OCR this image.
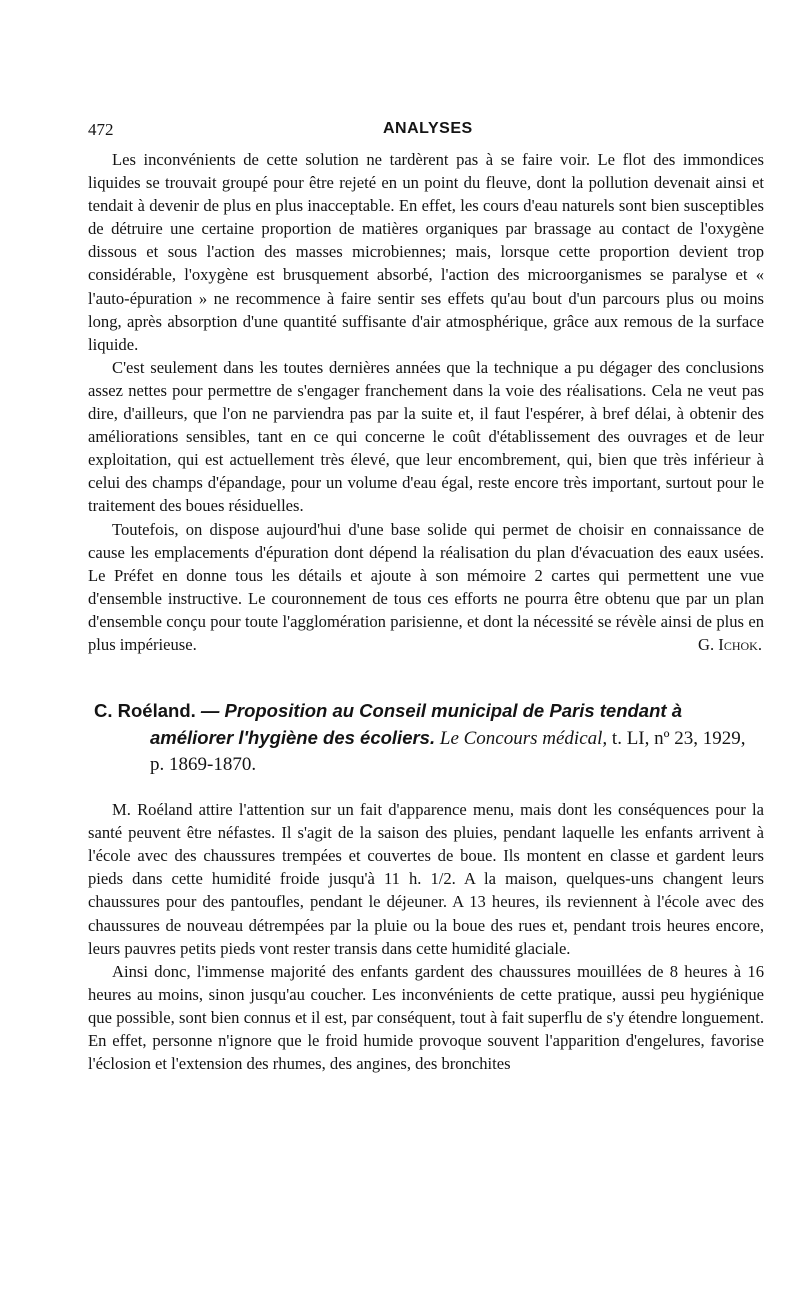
472	ANALYSES

Les inconvénients de cette solution ne tardèrent pas à se faire voir. Le flot des immondices liquides se trouvait groupé pour être rejeté en un point du fleuve, dont la pollution devenait ainsi et tendait à devenir de plus en plus inacceptable. En effet, les cours d'eau naturels sont bien susceptibles de détruire une certaine proportion de matières organiques par brassage au contact de l'oxygène dissous et sous l'action des masses microbiennes; mais, lorsque cette proportion devient trop considérable, l'oxygène est brusquement absorbé, l'action des microorganismes se paralyse et « l'auto-épuration » ne recommence à faire sentir ses effets qu'au bout d'un parcours plus ou moins long, après absorption d'une quantité suffisante d'air atmosphérique, grâce aux remous de la surface liquide.

C'est seulement dans les toutes dernières années que la technique a pu dégager des conclusions assez nettes pour permettre de s'engager franchement dans la voie des réalisations. Cela ne veut pas dire, d'ailleurs, que l'on ne parviendra pas par la suite et, il faut l'espérer, à bref délai, à obtenir des améliorations sensibles, tant en ce qui concerne le coût d'établissement des ouvrages et de leur exploitation, qui est actuellement très élevé, que leur encombrement, qui, bien que très inférieur à celui des champs d'épandage, pour un volume d'eau égal, reste encore très important, surtout pour le traitement des boues résiduelles.

Toutefois, on dispose aujourd'hui d'une base solide qui permet de choisir en connaissance de cause les emplacements d'épuration dont dépend la réalisation du plan d'évacuation des eaux usées. Le Préfet en donne tous les détails et ajoute à son mémoire 2 cartes qui permettent une vue d'ensemble instructive. Le couronnement de tous ces efforts ne pourra être obtenu que par un plan d'ensemble conçu pour toute l'agglomération parisienne, et dont la nécessité se révèle ainsi de plus en plus impérieuse.	G. Ichok.

C. Roéland. — Proposition au Conseil municipal de Paris tendant à améliorer l'hygiène des écoliers. Le Concours médical, t. LI, nº 23, 1929, p. 1869-1870.

M. Roéland attire l'attention sur un fait d'apparence menu, mais dont les conséquences pour la santé peuvent être néfastes. Il s'agit de la saison des pluies, pendant laquelle les enfants arrivent à l'école avec des chaussures trempées et couvertes de boue. Ils montent en classe et gardent leurs pieds dans cette humidité froide jusqu'à 11 h. 1/2. A la maison, quelques-uns changent leurs chaussures pour des pantoufles, pendant le déjeuner. A 13 heures, ils reviennent à l'école avec des chaussures de nouveau détrempées par la pluie ou la boue des rues et, pendant trois heures encore, leurs pauvres petits pieds vont rester transis dans cette humidité glaciale.

Ainsi donc, l'immense majorité des enfants gardent des chaussures mouillées de 8 heures à 16 heures au moins, sinon jusqu'au coucher. Les inconvénients de cette pratique, aussi peu hygiénique que possible, sont bien connus et il est, par conséquent, tout à fait superflu de s'y étendre longuement. En effet, personne n'ignore que le froid humide provoque souvent l'apparition d'engelures, favorise l'éclosion et l'extension des rhumes, des angines, des bronchites
